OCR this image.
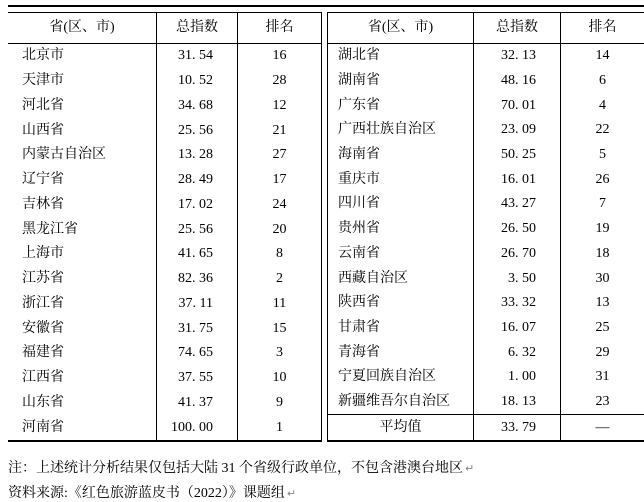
省(区、市)	总指数	排名
北京市	31. 54	16
天津市	10. 52	28
河北省	34. 68	12
山西省	25. 56	21
内蒙古自治区	13. 28	27
辽宁省	28. 49	17
吉林省	17. 02	24
黑龙江省	25. 56	20
上海市	41. 65	8
江苏省	82. 36	2
浙江省	37. 11	11
安徽省	31. 75	15
福建省	74. 65	3
江西省	37. 55	10
山东省	41. 37	9
河南省	100. 00	1
省(区、市)	总指数	排名
湖北省	32. 13	14
湖南省	48. 16	6
广东省	70. 01	4
广西壮族自治区	23. 09	22
海南省	50. 25	5
重庆市	16. 01	26
四川省	43. 27	7
贵州省	26. 50	19
云南省	26. 70	18
西藏自治区	3. 50	30
陕西省	33. 32	13
甘肃省	16. 07	25
青海省	6. 32	29
宁夏回族自治区	1. 00	31
新疆维吾尔自治区	18. 13	23
平均值	33. 79	—
注：上述统计分析结果仅包括大陆 31 个省级行政单位，不包含港澳台地区 ↵
资料来源:《红色旅游蓝皮书（2022）》课题组 ↵
